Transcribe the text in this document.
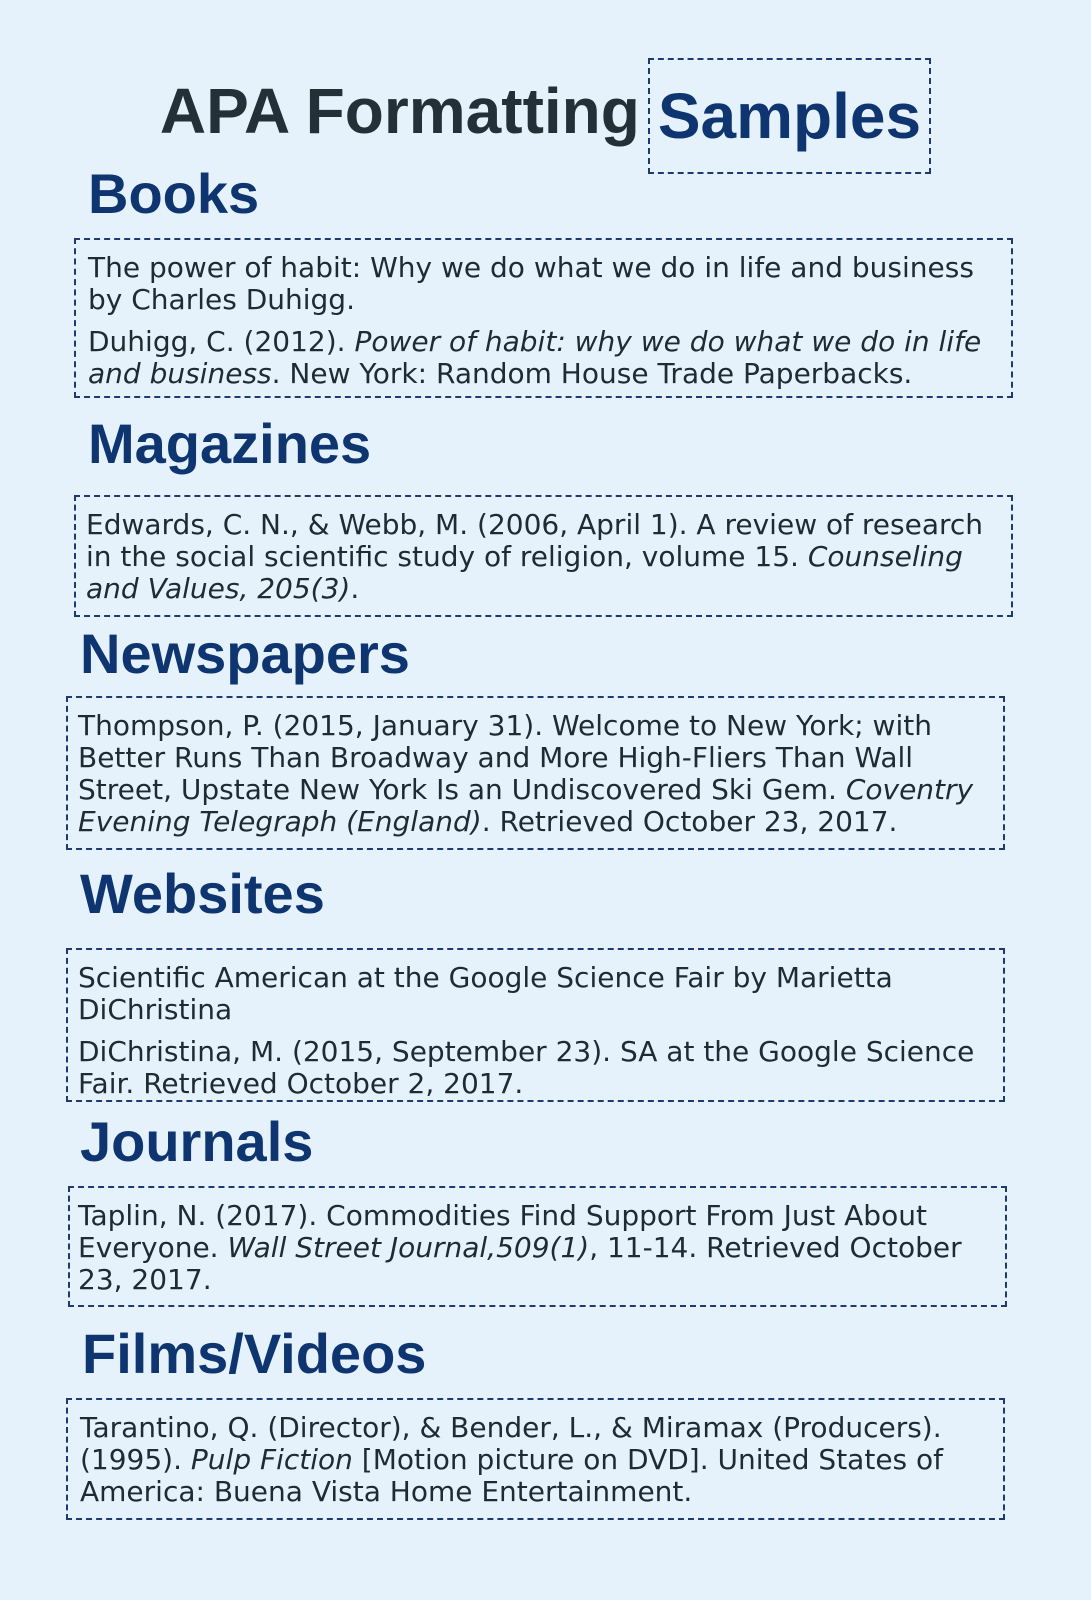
APA Formatting Samples
Books

The power of habit: Why we do what we do in life and business by Charles Duhigg.

Duhigg, C. (2012). Power of habit: why we do what we do in life and business. New York: Random House Trade Paperbacks.

Magazines

Edwards, C. N., & Webb, M. (2006, April 1). A review of research in the social scientific study of religion, volume 15. Counseling and Values, 205(3).

Newspapers

Thompson, P. (2015, January 31). Welcome to New York; with Better Runs Than Broadway and More High-Fliers Than Wall Street, Upstate New York Is an Undiscovered Ski Gem. Coventry Evening Telegraph (England). Retrieved October 23, 2017.

Websites

Scientific American at the Google Science Fair by Marietta DiChristina

DiChristina, M. (2015, September 23). SA at the Google Science Fair. Retrieved October 2, 2017.

Journals

Taplin, N. (2017). Commodities Find Support From Just About Everyone. Wall Street Journal,509(1), 11-14. Retrieved October 23, 2017.

Films/Videos

Tarantino, Q. (Director), & Bender, L., & Miramax (Producers). (1995). Pulp Fiction [Motion picture on DVD]. United States of America: Buena Vista Home Entertainment.
